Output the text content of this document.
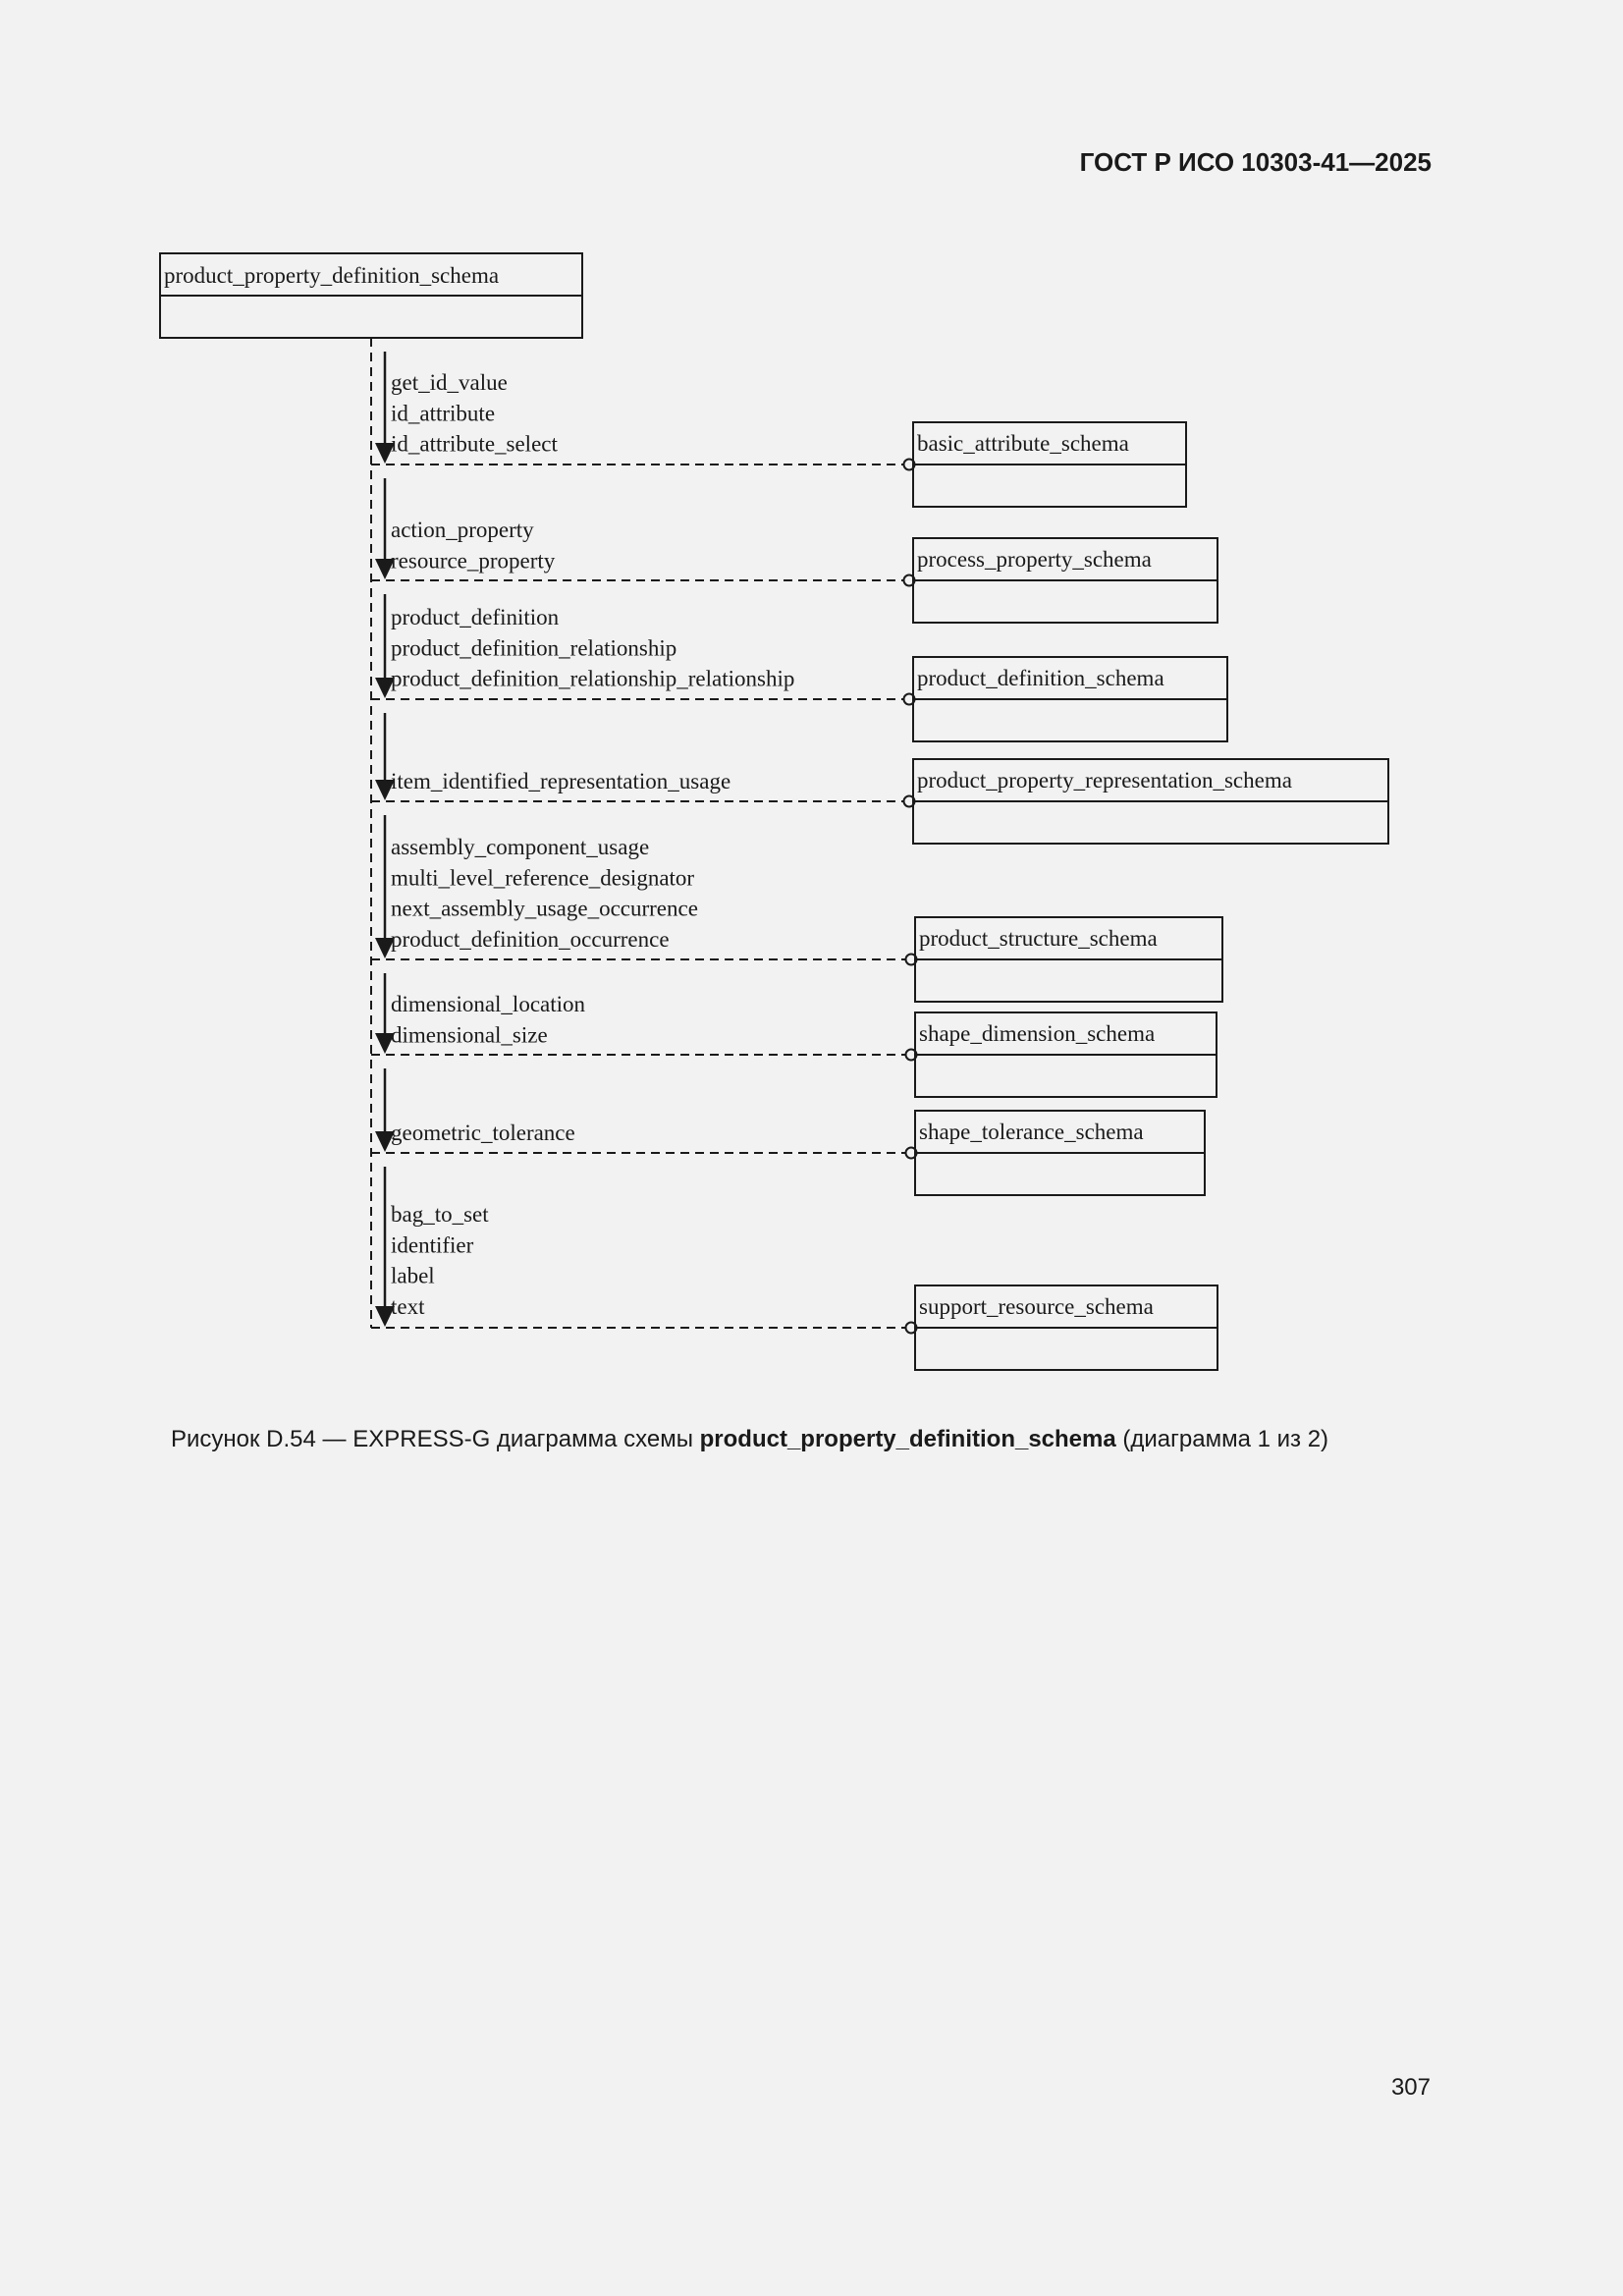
ГОСТ Р ИСО 10303-41—2025
product_property_definition_schema
get_id_value
id_attribute
id_attribute_select	basic_attribute_schema
action_property
resource_property	process_property_schema
product_definition
product_definition_relationship
product_definition_relationship_relationship	product_definition_schema
item_identified_representation_usage	product_property_representation_schema
assembly_component_usage
multi_level_reference_designator
next_assembly_usage_occurrence
product_definition_occurrence	product_structure_schema
dimensional_location
dimensional_size	shape_dimension_schema
geometric_tolerance	shape_tolerance_schema
bag_to_set
identifier
label
text	support_resource_schema
Рисунок D.54 — EXPRESS-G диаграмма схемы product_property_definition_schema (диаграмма 1 из 2)
307
